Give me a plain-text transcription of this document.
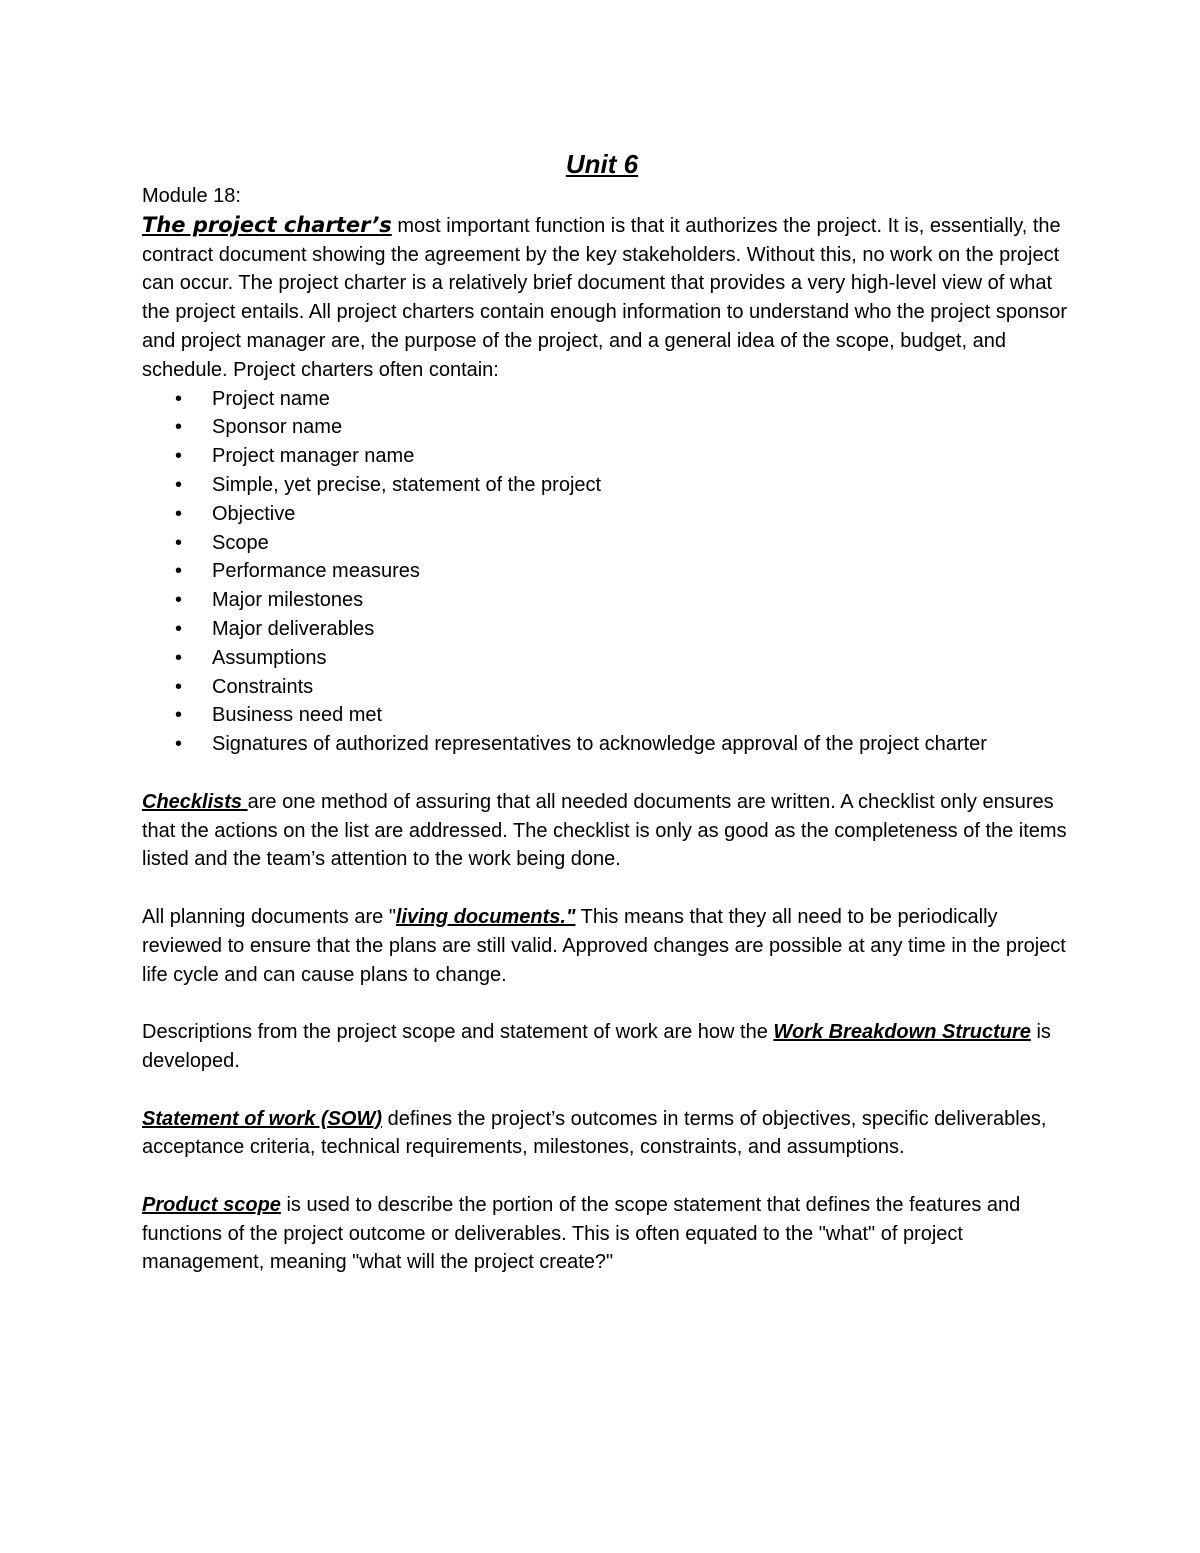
Unit 6

Module 18:

The project charter’s most important function is that it authorizes the project. It is, essentially, the contract document showing the agreement by the key stakeholders. Without this, no work on the project can occur. The project charter is a relatively brief document that provides a very high-level view of what the project entails. All project charters contain enough information to understand who the project sponsor and project manager are, the purpose of the project, and a general idea of the scope, budget, and schedule. Project charters often contain:

• Project name
• Sponsor name
• Project manager name
• Simple, yet precise, statement of the project
• Objective
• Scope
• Performance measures
• Major milestones
• Major deliverables
• Assumptions
• Constraints
• Business need met
• Signatures of authorized representatives to acknowledge approval of the project charter

Checklists are one method of assuring that all needed documents are written. A checklist only ensures that the actions on the list are addressed. The checklist is only as good as the completeness of the items listed and the team’s attention to the work being done.

All planning documents are "living documents." This means that they all need to be periodically reviewed to ensure that the plans are still valid. Approved changes are possible at any time in the project life cycle and can cause plans to change.

Descriptions from the project scope and statement of work are how the Work Breakdown Structure is developed.

Statement of work (SOW) defines the project’s outcomes in terms of objectives, specific deliverables, acceptance criteria, technical requirements, milestones, constraints, and assumptions.

Product scope is used to describe the portion of the scope statement that defines the features and functions of the project outcome or deliverables. This is often equated to the "what" of project management, meaning "what will the project create?"
